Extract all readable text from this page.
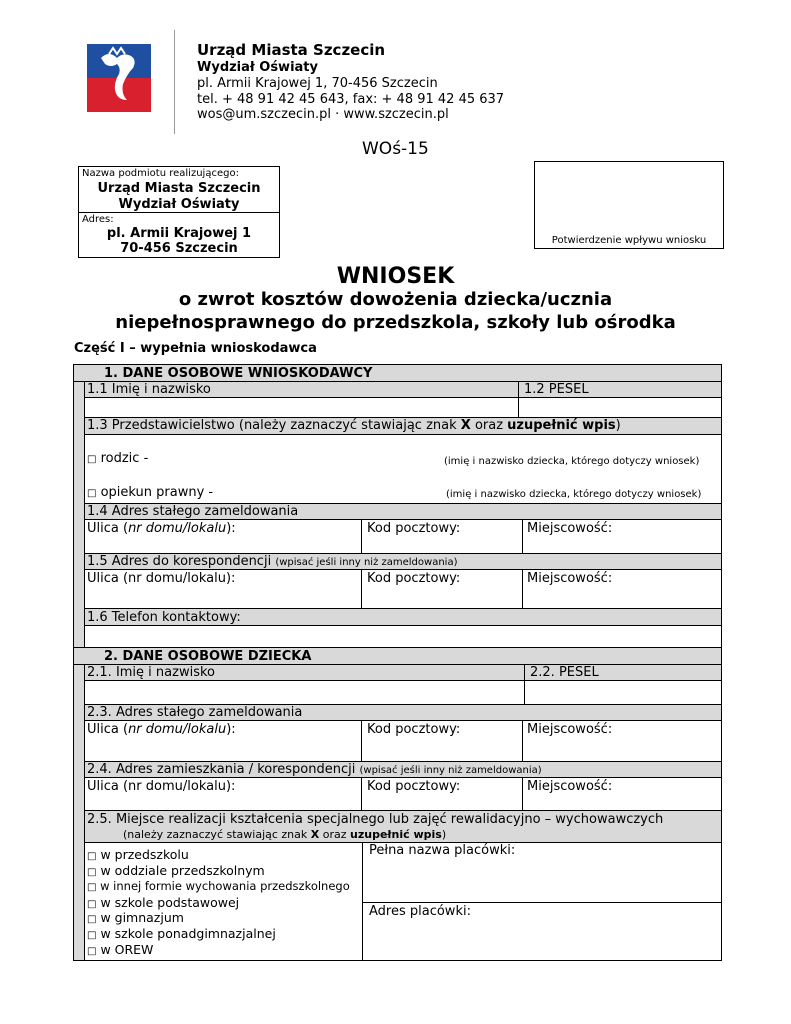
Urząd Miasta Szczecin
Wydział Oświaty
pl. Armii Krajowej 1, 70-456 Szczecin
tel. + 48 91 42 45 643, fax: + 48 91 42 45 637
wos@um.szczecin.pl · www.szczecin.pl
WOś-15
Nazwa podmiotu realizującego:
Urząd Miasta Szczecin
Wydział Oświaty
Adres:
pl. Armii Krajowej 1
70-456 Szczecin
Potwierdzenie wpływu wniosku
WNIOSEK
o zwrot kosztów dowożenia dziecka/ucznia
niepełnosprawnego do przedszkola, szkoły lub ośrodka
Część I – wypełnia wnioskodawca
1. DANE OSOBOWE WNIOSKODAWCY
1.1 Imię i nazwisko	1.2 PESEL
1.3 Przedstawicielstwo (należy zaznaczyć stawiając znak X oraz uzupełnić wpis)
□ rodzic -	(imię i nazwisko dziecka, którego dotyczy wniosek)
□ opiekun prawny -	(imię i nazwisko dziecka, którego dotyczy wniosek)
1.4 Adres stałego zameldowania
Ulica (nr domu/lokalu):	Kod pocztowy:	Miejscowość:
1.5 Adres do korespondencji (wpisać jeśli inny niż zameldowania)
Ulica (nr domu/lokalu):	Kod pocztowy:	Miejscowość:
1.6 Telefon kontaktowy:
2. DANE OSOBOWE DZIECKA
2.1. Imię i nazwisko	2.2. PESEL
2.3. Adres stałego zameldowania
Ulica (nr domu/lokalu):	Kod pocztowy:	Miejscowość:
2.4. Adres zamieszkania / korespondencji (wpisać jeśli inny niż zameldowania)
Ulica (nr domu/lokalu):	Kod pocztowy:	Miejscowość:
2.5. Miejsce realizacji kształcenia specjalnego lub zajęć rewalidacyjno – wychowawczych
(należy zaznaczyć stawiając znak X oraz uzupełnić wpis)
□ w przedszkolu
□ w oddziale przedszkolnym
□ w innej formie wychowania przedszkolnego
□ w szkole podstawowej
□ w gimnazjum
□ w szkole ponadgimnazjalnej
□ w OREW
Pełna nazwa placówki:
Adres placówki:
